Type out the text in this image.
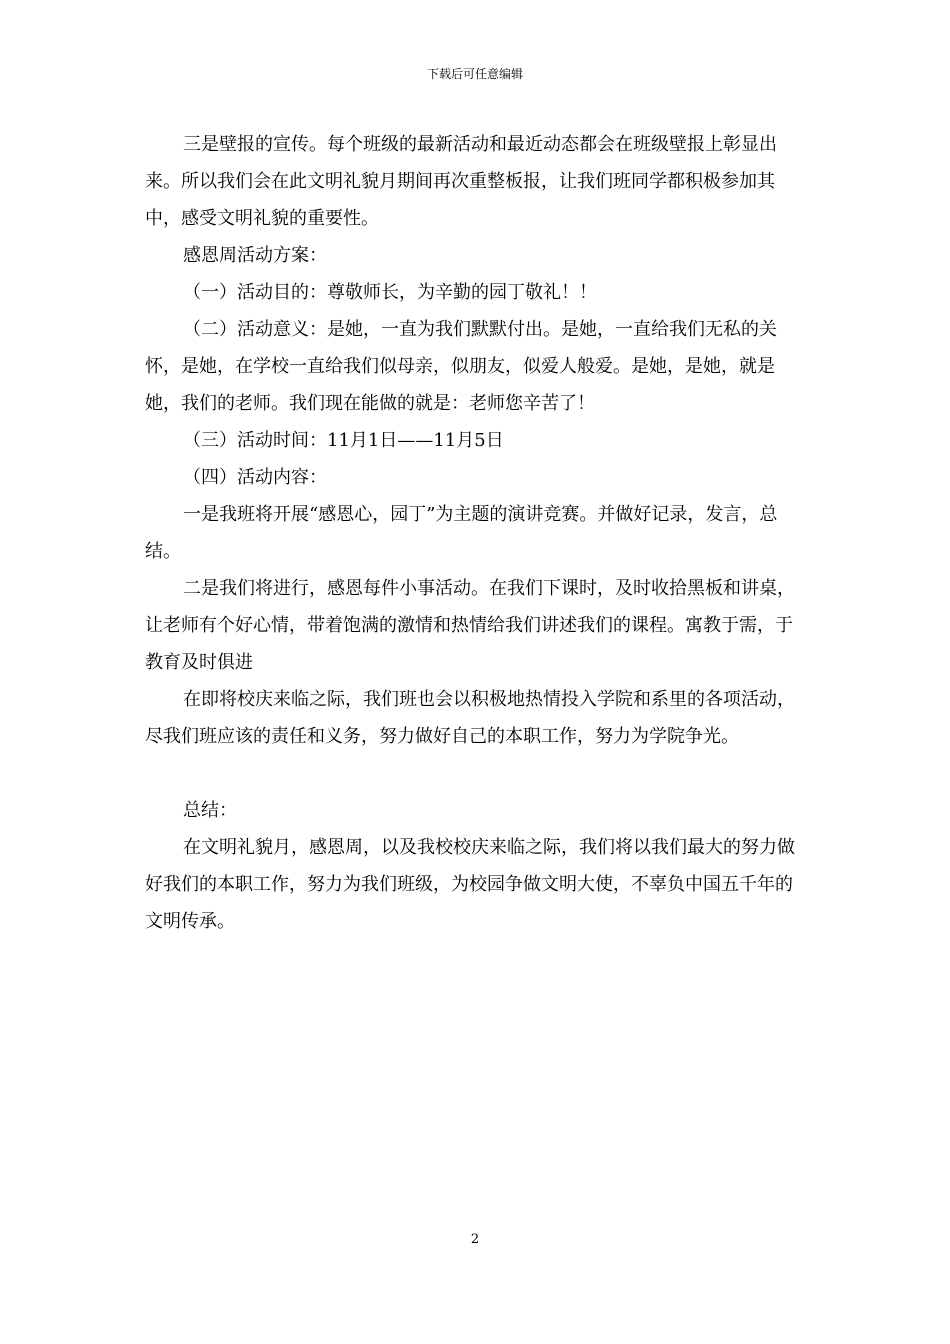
下载后可任意编辑

三是壁报的宣传。每个班级的最新活动和最近动态都会在班级壁报上彰显出来。所以我们会在此文明礼貌月期间再次重整板报，让我们班同学都积极参加其中，感受文明礼貌的重要性。

感恩周活动方案：

（一）活动目的：尊敬师长，为辛勤的园丁敬礼！！

（二）活动意义：是她，一直为我们默默付出。是她，一直给我们无私的关怀，是她，在学校一直给我们似母亲，似朋友，似爱人般爱。是她，是她，就是她，我们的老师。我们现在能做的就是：老师您辛苦了！

（三）活动时间：11月1日——11月5日

（四）活动内容：

一是我班将开展“感恩心，园丁”为主题的演讲竞赛。并做好记录，发言，总结。

二是我们将进行，感恩每件小事活动。在我们下课时，及时收拾黑板和讲桌，让老师有个好心情，带着饱满的激情和热情给我们讲述我们的课程。寓教于需，于教育及时俱进

在即将校庆来临之际，我们班也会以积极地热情投入学院和系里的各项活动，尽我们班应该的责任和义务，努力做好自己的本职工作，努力为学院争光。

总结：

在文明礼貌月，感恩周，以及我校校庆来临之际，我们将以我们最大的努力做好我们的本职工作，努力为我们班级，为校园争做文明大使，不辜负中国五千年的文明传承。

2
